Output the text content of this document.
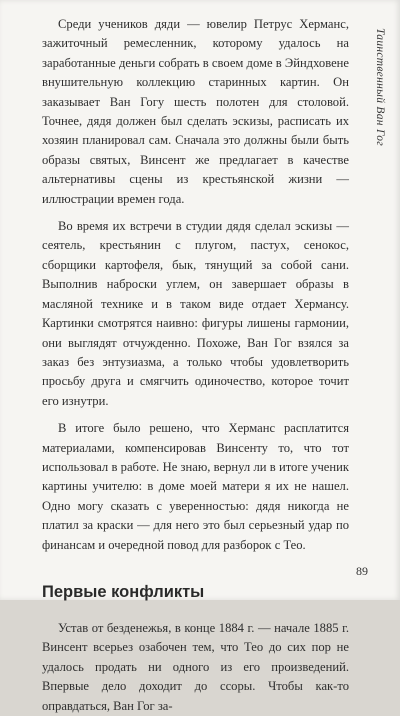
Среди учеников дяди — ювелир Петрус Херманс, зажиточный ремесленник, которому удалось на заработанные деньги собрать в своем доме в Эйндховене внушительную коллекцию старинных картин. Он заказывает Ван Гогу шесть полотен для столовой. Точнее, дядя должен был сделать эскизы, расписать их хозяин планировал сам. Сначала это должны были быть образы святых, Винсент же предлагает в качестве альтернативы сцены из крестьянской жизни — иллюстрации времен года.

Во время их встречи в студии дядя сделал эскизы — сеятель, крестьянин с плугом, пастух, сенокос, сборщики картофеля, бык, тянущий за собой сани. Выполнив наброски углем, он завершает образы в масляной технике и в таком виде отдает Хермансу. Картинки смотрятся наивно: фигуры лишены гармонии, они выглядят отчужденно. Похоже, Ван Гог взялся за заказ без энтузиазма, а только чтобы удовлетворить просьбу друга и смягчить одиночество, которое точит его изнутри.

В итоге было решено, что Херманс расплатится материалами, компенсировав Винсенту то, что тот использовал в работе. Не знаю, вернул ли в итоге ученик картины учителю: в доме моей матери я их не нашел. Одно могу сказать с уверенностью: дядя никогда не платил за краски — для него это был серьезный удар по финансам и очередной повод для разборок с Тео.

Первые конфликты

Устав от безденежья, в конце 1884 г. — начале 1885 г. Винсент всерьез озабочен тем, что Тео до сих пор не удалось продать ни одного из его произведений. Впервые дело доходит до ссоры. Чтобы как-то оправдаться, Ван Гог за-

Таинственный Ван Гог
89
